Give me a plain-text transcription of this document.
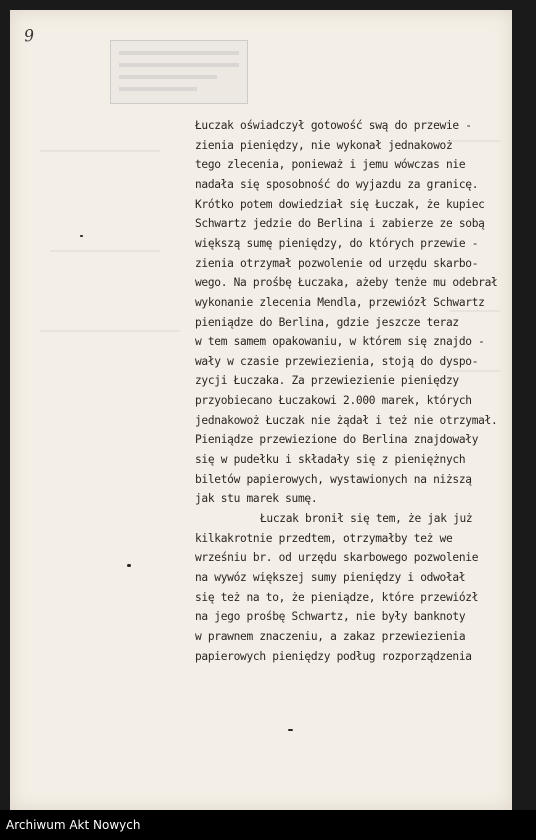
9
Łuczak oświadczył gotowość swą do przewie -
zienia pieniędzy, nie wykonał jednakowoż
tego zlecenia, ponieważ i jemu wówczas nie
nadała się sposobność do wyjazdu za granicę.
Krótko potem dowiedział się Łuczak, że kupiec
Schwartz jedzie do Berlina i zabierze ze sobą
większą sumę pieniędzy, do których przewie -
zienia otrzymał pozwolenie od urzędu skarbo-
wego. Na prośbę Łuczaka, ażeby tenże mu odebrał
wykonanie zlecenia Mendla, przewiózł Schwartz
pieniądze do Berlina, gdzie jeszcze teraz
w tem samem opakowaniu, w którem się znajdo -
wały w czasie przewiezienia, stoją do dyspo-
zycji Łuczaka. Za przewiezienie pieniędzy
przyobiecano Łuczakowi 2.000 marek, których
jednakowoż Łuczak nie żądał i też nie otrzymał.
Pieniądze przewiezione do Berlina znajdowały
się w pudełku i składały się z pieniężnych
biletów papierowych, wystawionych na niższą
jak stu marek sumę.
Łuczak bronił się tem, że jak już
kilkakrotnie przedtem, otrzymałby też we
wrześniu br. od urzędu skarbowego pozwolenie
na wywóz większej sumy pieniędzy i odwołał
się też na to, że pieniądze, które przewiózł
na jego prośbę Schwartz, nie były banknoty
w prawnem znaczeniu, a zakaz przewiezienia
papierowych pieniędzy podług rozporządzenia
Archiwum Akt Nowych
